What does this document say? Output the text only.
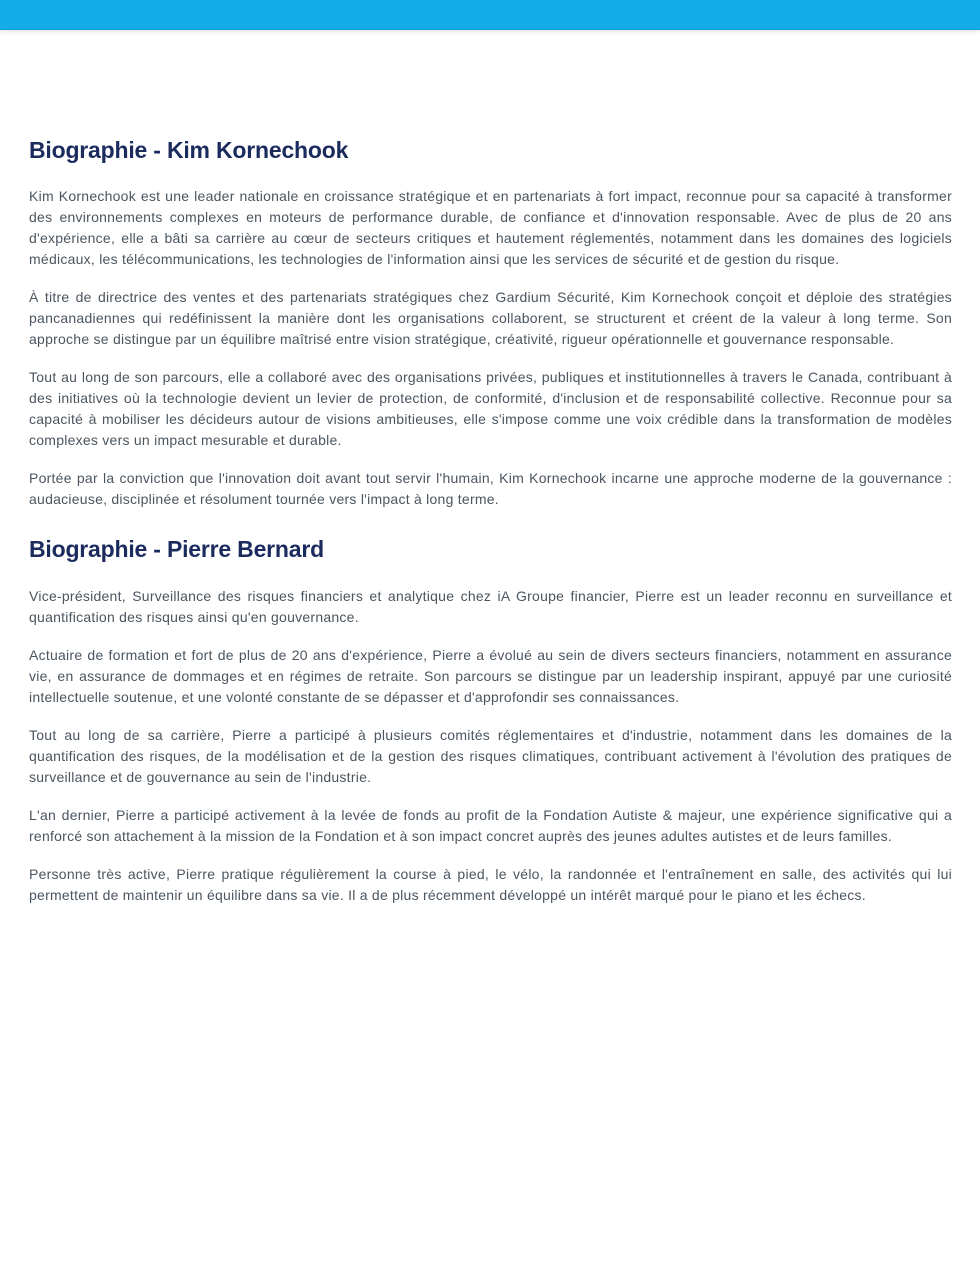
Biographie - Kim Kornechook

Kim Kornechook est une leader nationale en croissance stratégique et en partenariats à fort impact, reconnue pour sa capacité à transformer des environnements complexes en moteurs de performance durable, de confiance et d'innovation responsable. Avec de plus de 20 ans d'expérience, elle a bâti sa carrière au cœur de secteurs critiques et hautement réglementés, notamment dans les domaines des logiciels médicaux, les télécommunications, les technologies de l'information ainsi que les services de sécurité et de gestion du risque.

À titre de directrice des ventes et des partenariats stratégiques chez Gardium Sécurité, Kim Kornechook conçoit et déploie des stratégies pancanadiennes qui redéfinissent la manière dont les organisations collaborent, se structurent et créent de la valeur à long terme. Son approche se distingue par un équilibre maîtrisé entre vision stratégique, créativité, rigueur opérationnelle et gouvernance responsable.

Tout au long de son parcours, elle a collaboré avec des organisations privées, publiques et institutionnelles à travers le Canada, contribuant à des initiatives où la technologie devient un levier de protection, de conformité, d'inclusion et de responsabilité collective. Reconnue pour sa capacité à mobiliser les décideurs autour de visions ambitieuses, elle s'impose comme une voix crédible dans la transformation de modèles complexes vers un impact mesurable et durable.

Portée par la conviction que l'innovation doit avant tout servir l'humain, Kim Kornechook incarne une approche moderne de la gouvernance : audacieuse, disciplinée et résolument tournée vers l'impact à long terme.

Biographie - Pierre Bernard

Vice-président, Surveillance des risques financiers et analytique chez iA Groupe financier, Pierre est un leader reconnu en surveillance et quantification des risques ainsi qu'en gouvernance.

Actuaire de formation et fort de plus de 20 ans d'expérience, Pierre a évolué au sein de divers secteurs financiers, notamment en assurance vie, en assurance de dommages et en régimes de retraite. Son parcours se distingue par un leadership inspirant, appuyé par une curiosité intellectuelle soutenue, et une volonté constante de se dépasser et d'approfondir ses connaissances.

Tout au long de sa carrière, Pierre a participé à plusieurs comités réglementaires et d'industrie, notamment dans les domaines de la quantification des risques, de la modélisation et de la gestion des risques climatiques, contribuant activement à l'évolution des pratiques de surveillance et de gouvernance au sein de l'industrie.

L'an dernier, Pierre a participé activement à la levée de fonds au profit de la Fondation Autiste & majeur, une expérience significative qui a renforcé son attachement à la mission de la Fondation et à son impact concret auprès des jeunes adultes autistes et de leurs familles.

Personne très active, Pierre pratique régulièrement la course à pied, le vélo, la randonnée et l'entraînement en salle, des activités qui lui permettent de maintenir un équilibre dans sa vie. Il a de plus récemment développé un intérêt marqué pour le piano et les échecs.
